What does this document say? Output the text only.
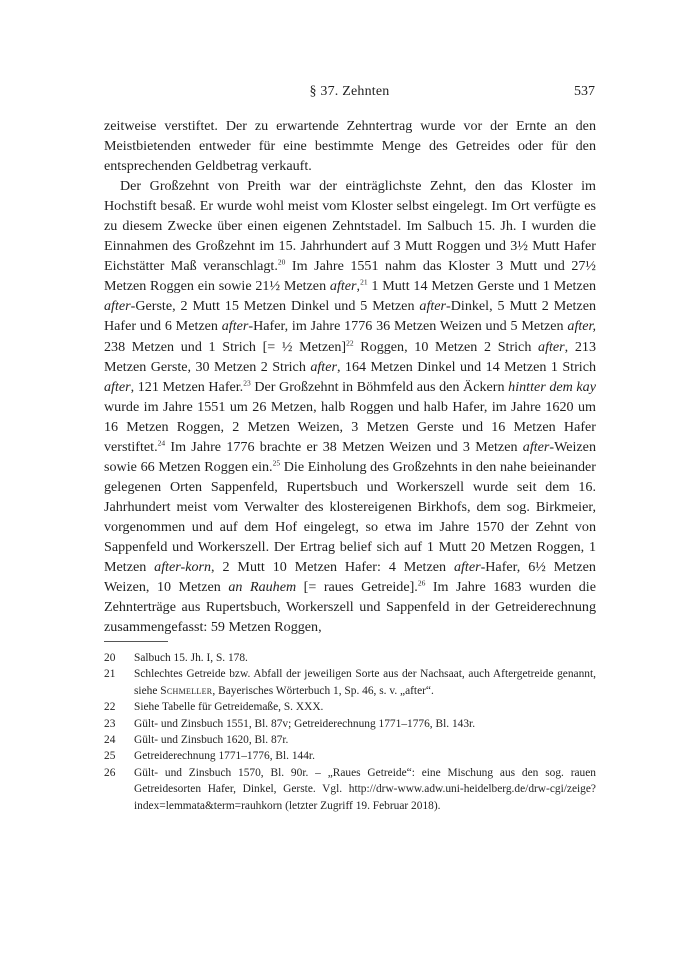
§ 37. Zehnten	537

zeitweise verstiftet. Der zu erwartende Zehntertrag wurde vor der Ernte an den Meistbietenden entweder für eine bestimmte Menge des Getreides oder für den entsprechenden Geldbetrag verkauft.

Der Großzehnt von Preith war der einträglichste Zehnt, den das Kloster im Hochstift besaß. Er wurde wohl meist vom Kloster selbst eingelegt. Im Ort verfügte es zu diesem Zwecke über einen eigenen Zehntstadel. Im Salbuch 15. Jh. I wurden die Einnahmen des Großzehnt im 15. Jahrhundert auf 3 Mutt Roggen und 3½ Mutt Hafer Eichstätter Maß veranschlagt.$^{20}$ Im Jahre 1551 nahm das Kloster 3 Mutt und 27½ Metzen Roggen ein sowie 21½ Metzen after,$^{21}$ 1 Mutt 14 Metzen Gerste und 1 Metzen after-Gerste, 2 Mutt 15 Metzen Dinkel und 5 Metzen after-Dinkel, 5 Mutt 2 Metzen Hafer und 6 Metzen after-Hafer, im Jahre 1776 36 Metzen Weizen und 5 Metzen after, 238 Metzen und 1 Strich [= ½ Metzen]$^{22}$ Roggen, 10 Metzen 2 Strich after, 213 Metzen Gerste, 30 Metzen 2 Strich after, 164 Metzen Dinkel und 14 Metzen 1 Strich after, 121 Metzen Hafer.$^{23}$ Der Großzehnt in Böhmfeld aus den Äckern hintter dem kay wurde im Jahre 1551 um 26 Metzen, halb Roggen und halb Hafer, im Jahre 1620 um 16 Metzen Roggen, 2 Metzen Weizen, 3 Metzen Gerste und 16 Metzen Hafer verstiftet.$^{24}$ Im Jahre 1776 brachte er 38 Metzen Weizen und 3 Metzen after-Weizen sowie 66 Metzen Roggen ein.$^{25}$ Die Einholung des Großzehnts in den nahe beieinander gelegenen Orten Sappenfeld, Rupertsbuch und Workerszell wurde seit dem 16. Jahrhundert meist vom Verwalter des klostereigenen Birkhofs, dem sog. Birkmeier, vorgenommen und auf dem Hof eingelegt, so etwa im Jahre 1570 der Zehnt von Sappenfeld und Workerszell. Der Ertrag belief sich auf 1 Mutt 20 Metzen Roggen, 1 Metzen after-korn, 2 Mutt 10 Metzen Hafer: 4 Metzen after-Hafer, 6½ Metzen Weizen, 10 Metzen an Rauhem [= raues Getreide].$^{26}$ Im Jahre 1683 wurden die Zehnterträge aus Rupertsbuch, Workerszell und Sappenfeld in der Getreiderechnung zusammengefasst: 59 Metzen Roggen,

20 Salbuch 15. Jh. I, S. 178.
21 Schlechtes Getreide bzw. Abfall der jeweiligen Sorte aus der Nachsaat, auch Aftergetreide genannt, siehe Schmeller, Bayerisches Wörterbuch 1, Sp. 46, s. v. „after“.
22 Siehe Tabelle für Getreidemaße, S. XXX.
23 Gült- und Zinsbuch 1551, Bl. 87v; Getreiderechnung 1771–1776, Bl. 143r.
24 Gült- und Zinsbuch 1620, Bl. 87r.
25 Getreiderechnung 1771–1776, Bl. 144r.
26 Gült- und Zinsbuch 1570, Bl. 90r. – „Raues Getreide“: eine Mischung aus den sog. rauen Getreidesorten Hafer, Dinkel, Gerste. Vgl. http://drw-www.adw.uni-heidelberg.de/drw-cgi/zeige?index=lemmata&term=rauhkorn (letzter Zugriff 19. Februar 2018).
